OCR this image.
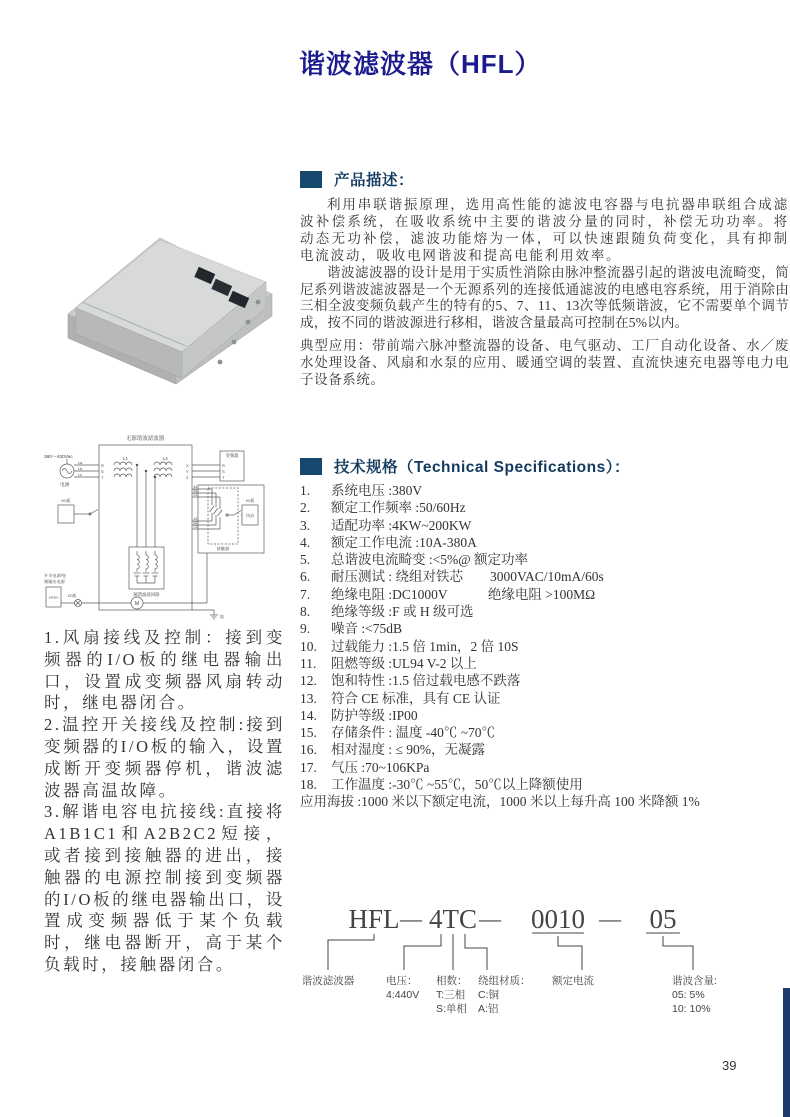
谐波滤波器（HFL）
产品描述：

利用串联谐振原理，选用高性能的滤波电容器与电抗器串联组合成滤波补偿系统，在吸收系统中主要的谐波分量的同时，补偿无功功率。将动态无功补偿，滤波功能熔为一体，可以快速跟随负荷变化，具有抑制电流波动，吸收电网谐波和提高电能利用效率。

谐波滤波器的设计是用于实质性消除由脉冲整流器引起的谐波电流畸变，简尼系列谐波滤波器是一个无源系列的连接低通滤波的电感电容系统，用于消除由三相全波变频负载产生的特有的5、7、11、13次等低频谐波，它不需要单个调节成，按不同的谐波源进行移相，谐波含量最高可控制在5%以内。

典型应用：带前端六脉冲整流器的设备、电气驱动、工厂自动化设备、水／废水处理设备、风扇和水泵的应用、暖通空调的装置、直流快速充电器等电力电子设备系统。

无源谐波滤波器
380～400Vac
电源
La
Lb
Lc
R
S
T
L1	L2
X
Y
Z
变频器
R
S
T
A1
B1
C1
A2
B2
C2
接触器
I/O板
风扇
I/O板
解谐滤波回路
开关电源/变
频输出电源
24VDC I/O板
M
地

1.风扇接线及控制：接到变频器的I/O板的继电器输出口，设置成变频器风扇转动时，继电器闭合。

2.温控开关接线及控制:接到变频器的I/O板的输入，设置成断开变频器停机，谐波滤波器高温故障。

3.解谐电容电抗接线:直接将A1B1C1和A2B2C2短接，或者接到接触器的进出，接触器的电源控制接到变频器的I/O板的继电器输出口，设置成变频器低于某个负载时，继电器断开，高于某个负载时，接触器闭合。

技术规格（Technical Specifications）：
1. 系统电压 :380V
2. 额定工作频率 :50/60Hz
3. 适配功率 :4KW~200KW
4. 额定工作电流 :10A-380A
5. 总谐波电流畸变 :<5%@ 额定功率
6. 耐压测试 : 绕组对铁芯　　3000VAC/10mA/60s
7. 绝缘电阻 :DC1000V　　　绝缘电阻 >100MΩ
8. 绝缘等级 :F 或 H 级可选
9. 噪音 :<75dB
10. 过载能力 :1.5 倍 1min，2 倍 10S
11. 阻燃等级 :UL94 V-2 以上
12. 饱和特性 :1.5 倍过载电感不跌落
13. 符合 CE 标准，具有 CE 认证
14. 防护等级 :IP00
15. 存储条件 : 温度 -40℃ ~70℃
16. 相对湿度 : ≤ 90%，无凝露
17. 气压 :70~106KPa
18. 工作温度 :-30℃ ~55℃，50℃以上降额使用
应用海拔 :1000 米以下额定电流，1000 米以上每升高 100 米降额 1%
HFL — 4TC — 0010 — 05
谐波滤波器	电压：
4:440V
相数：
T:三相
S:单相
绕组材质：
C:铜
A:铝
额定电流	谐波含量:
05: 5%
10: 10%
39
